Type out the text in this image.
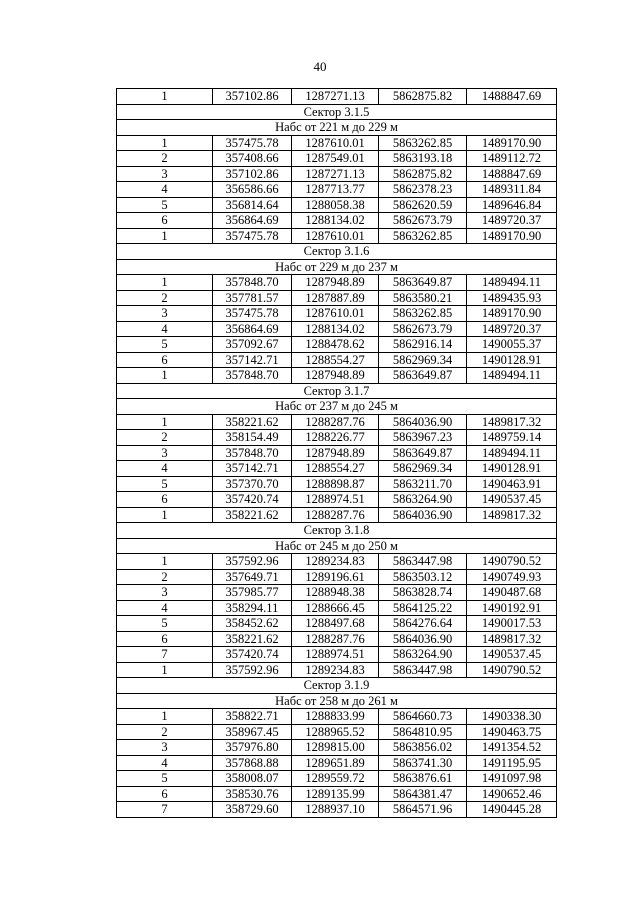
40
1	357102.86	1287271.13	5862875.82	1488847.69
Сектор 3.1.5				
Набс от 221 м до 229 м				
1	357475.78	1287610.01	5863262.85	1489170.90
2	357408.66	1287549.01	5863193.18	1489112.72
3	357102.86	1287271.13	5862875.82	1488847.69
4	356586.66	1287713.77	5862378.23	1489311.84
5	356814.64	1288058.38	5862620.59	1489646.84
6	356864.69	1288134.02	5862673.79	1489720.37
1	357475.78	1287610.01	5863262.85	1489170.90
Сектор 3.1.6				
Набс от 229 м до 237 м				
1	357848.70	1287948.89	5863649.87	1489494.11
2	357781.57	1287887.89	5863580.21	1489435.93
3	357475.78	1287610.01	5863262.85	1489170.90
4	356864.69	1288134.02	5862673.79	1489720.37
5	357092.67	1288478.62	5862916.14	1490055.37
6	357142.71	1288554.27	5862969.34	1490128.91
1	357848.70	1287948.89	5863649.87	1489494.11
Сектор 3.1.7				
Набс от 237 м до 245 м				
1	358221.62	1288287.76	5864036.90	1489817.32
2	358154.49	1288226.77	5863967.23	1489759.14
3	357848.70	1287948.89	5863649.87	1489494.11
4	357142.71	1288554.27	5862969.34	1490128.91
5	357370.70	1288898.87	5863211.70	1490463.91
6	357420.74	1288974.51	5863264.90	1490537.45
1	358221.62	1288287.76	5864036.90	1489817.32
Сектор 3.1.8				
Набс от 245 м до 250 м				
1	357592.96	1289234.83	5863447.98	1490790.52
2	357649.71	1289196.61	5863503.12	1490749.93
3	357985.77	1288948.38	5863828.74	1490487.68
4	358294.11	1288666.45	5864125.22	1490192.91
5	358452.62	1288497.68	5864276.64	1490017.53
6	358221.62	1288287.76	5864036.90	1489817.32
7	357420.74	1288974.51	5863264.90	1490537.45
1	357592.96	1289234.83	5863447.98	1490790.52
Сектор 3.1.9				
Набс от 258 м до 261 м				
1	358822.71	1288833.99	5864660.73	1490338.30
2	358967.45	1288965.52	5864810.95	1490463.75
3	357976.80	1289815.00	5863856.02	1491354.52
4	357868.88	1289651.89	5863741.30	1491195.95
5	358008.07	1289559.72	5863876.61	1491097.98
6	358530.76	1289135.99	5864381.47	1490652.46
7	358729.60	1288937.10	5864571.96	1490445.28
